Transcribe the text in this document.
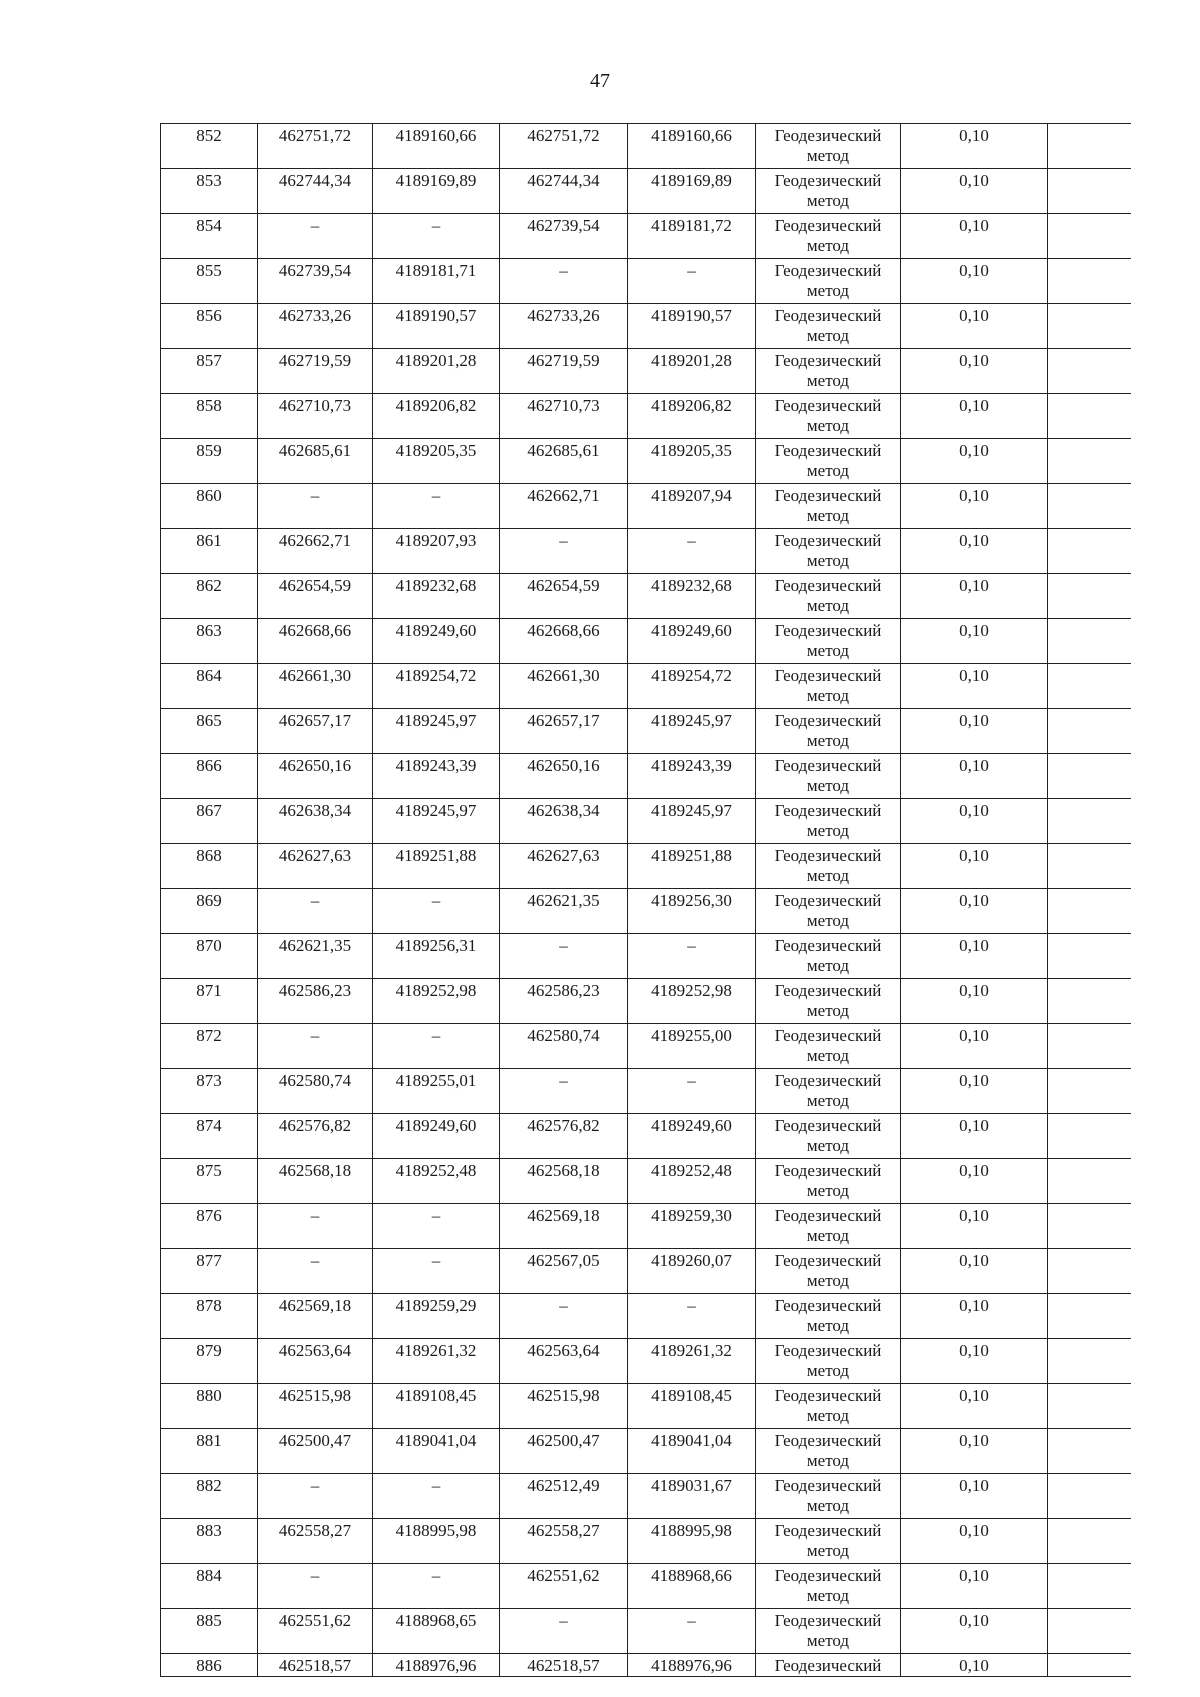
47
852	462751,72	4189160,66	462751,72	4189160,66	Геодезический метод	0,10	
853	462744,34	4189169,89	462744,34	4189169,89	Геодезический метод	0,10	
854	–	–	462739,54	4189181,72	Геодезический метод	0,10	
855	462739,54	4189181,71	–	–	Геодезический метод	0,10	
856	462733,26	4189190,57	462733,26	4189190,57	Геодезический метод	0,10	
857	462719,59	4189201,28	462719,59	4189201,28	Геодезический метод	0,10	
858	462710,73	4189206,82	462710,73	4189206,82	Геодезический метод	0,10	
859	462685,61	4189205,35	462685,61	4189205,35	Геодезический метод	0,10	
860	–	–	462662,71	4189207,94	Геодезический метод	0,10	
861	462662,71	4189207,93	–	–	Геодезический метод	0,10	
862	462654,59	4189232,68	462654,59	4189232,68	Геодезический метод	0,10	
863	462668,66	4189249,60	462668,66	4189249,60	Геодезический метод	0,10	
864	462661,30	4189254,72	462661,30	4189254,72	Геодезический метод	0,10	
865	462657,17	4189245,97	462657,17	4189245,97	Геодезический метод	0,10	
866	462650,16	4189243,39	462650,16	4189243,39	Геодезический метод	0,10	
867	462638,34	4189245,97	462638,34	4189245,97	Геодезический метод	0,10	
868	462627,63	4189251,88	462627,63	4189251,88	Геодезический метод	0,10	
869	–	–	462621,35	4189256,30	Геодезический метод	0,10	
870	462621,35	4189256,31	–	–	Геодезический метод	0,10	
871	462586,23	4189252,98	462586,23	4189252,98	Геодезический метод	0,10	
872	–	–	462580,74	4189255,00	Геодезический метод	0,10	
873	462580,74	4189255,01	–	–	Геодезический метод	0,10	
874	462576,82	4189249,60	462576,82	4189249,60	Геодезический метод	0,10	
875	462568,18	4189252,48	462568,18	4189252,48	Геодезический метод	0,10	
876	–	–	462569,18	4189259,30	Геодезический метод	0,10	
877	–	–	462567,05	4189260,07	Геодезический метод	0,10	
878	462569,18	4189259,29	–	–	Геодезический метод	0,10	
879	462563,64	4189261,32	462563,64	4189261,32	Геодезический метод	0,10	
880	462515,98	4189108,45	462515,98	4189108,45	Геодезический метод	0,10	
881	462500,47	4189041,04	462500,47	4189041,04	Геодезический метод	0,10	
882	–	–	462512,49	4189031,67	Геодезический метод	0,10	
883	462558,27	4188995,98	462558,27	4188995,98	Геодезический метод	0,10	
884	–	–	462551,62	4188968,66	Геодезический метод	0,10	
885	462551,62	4188968,65	–	–	Геодезический метод	0,10	
886	462518,57	4188976,96	462518,57	4188976,96	Геодезический	0,10	
